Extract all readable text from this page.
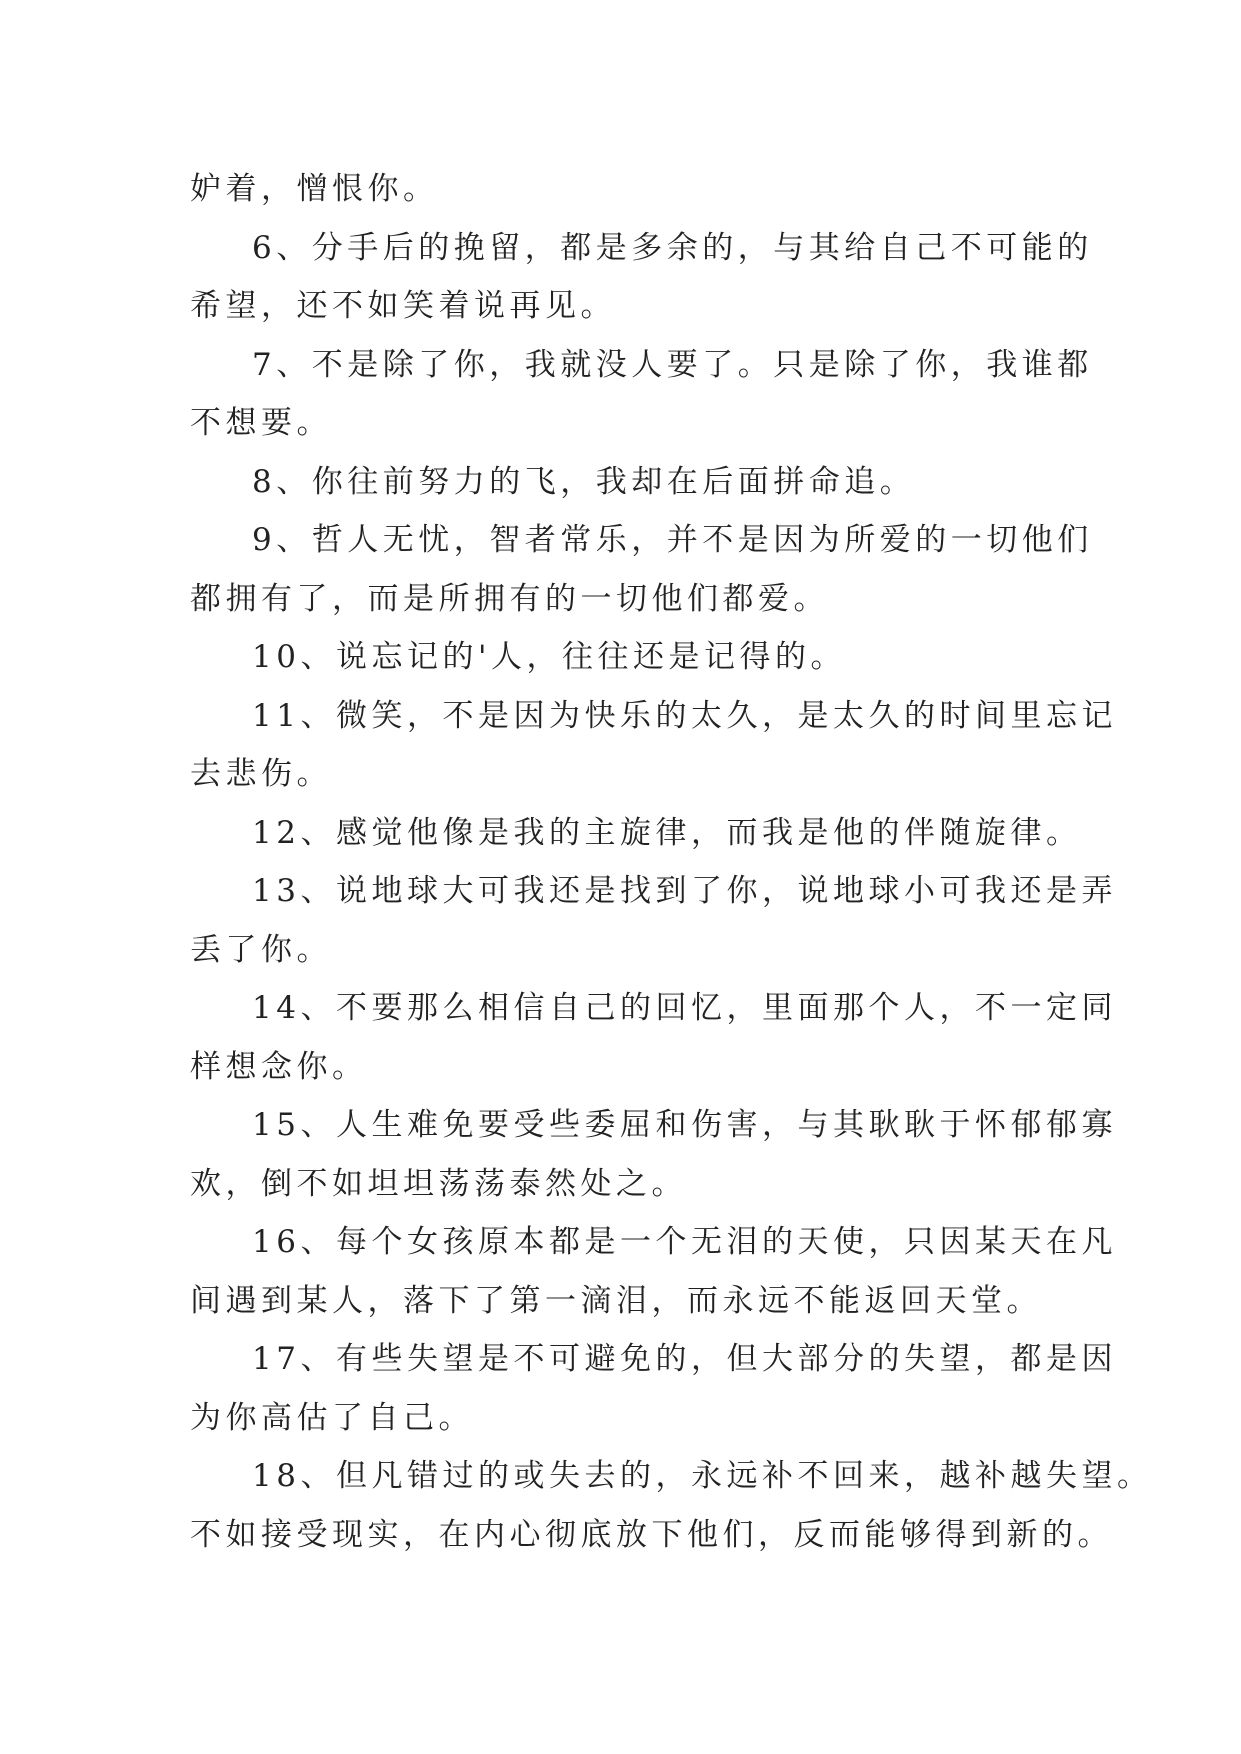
妒着，憎恨你。

6、分手后的挽留，都是多余的，与其给自己不可能的

希望，还不如笑着说再见。

7、不是除了你，我就没人要了。只是除了你，我谁都

不想要。

8、你往前努力的飞，我却在后面拼命追。

9、哲人无忧，智者常乐，并不是因为所爱的一切他们

都拥有了，而是所拥有的一切他们都爱。

10、说忘记的'人，往往还是记得的。

11、微笑，不是因为快乐的太久，是太久的时间里忘记

去悲伤。

12、感觉他像是我的主旋律，而我是他的伴随旋律。

13、说地球大可我还是找到了你，说地球小可我还是弄

丢了你。

14、不要那么相信自己的回忆，里面那个人，不一定同

样想念你。

15、人生难免要受些委屈和伤害，与其耿耿于怀郁郁寡

欢，倒不如坦坦荡荡泰然处之。

16、每个女孩原本都是一个无泪的天使，只因某天在凡

间遇到某人，落下了第一滴泪，而永远不能返回天堂。

17、有些失望是不可避免的，但大部分的失望，都是因

为你高估了自己。

18、但凡错过的或失去的，永远补不回来，越补越失望。

不如接受现实，在内心彻底放下他们，反而能够得到新的。
